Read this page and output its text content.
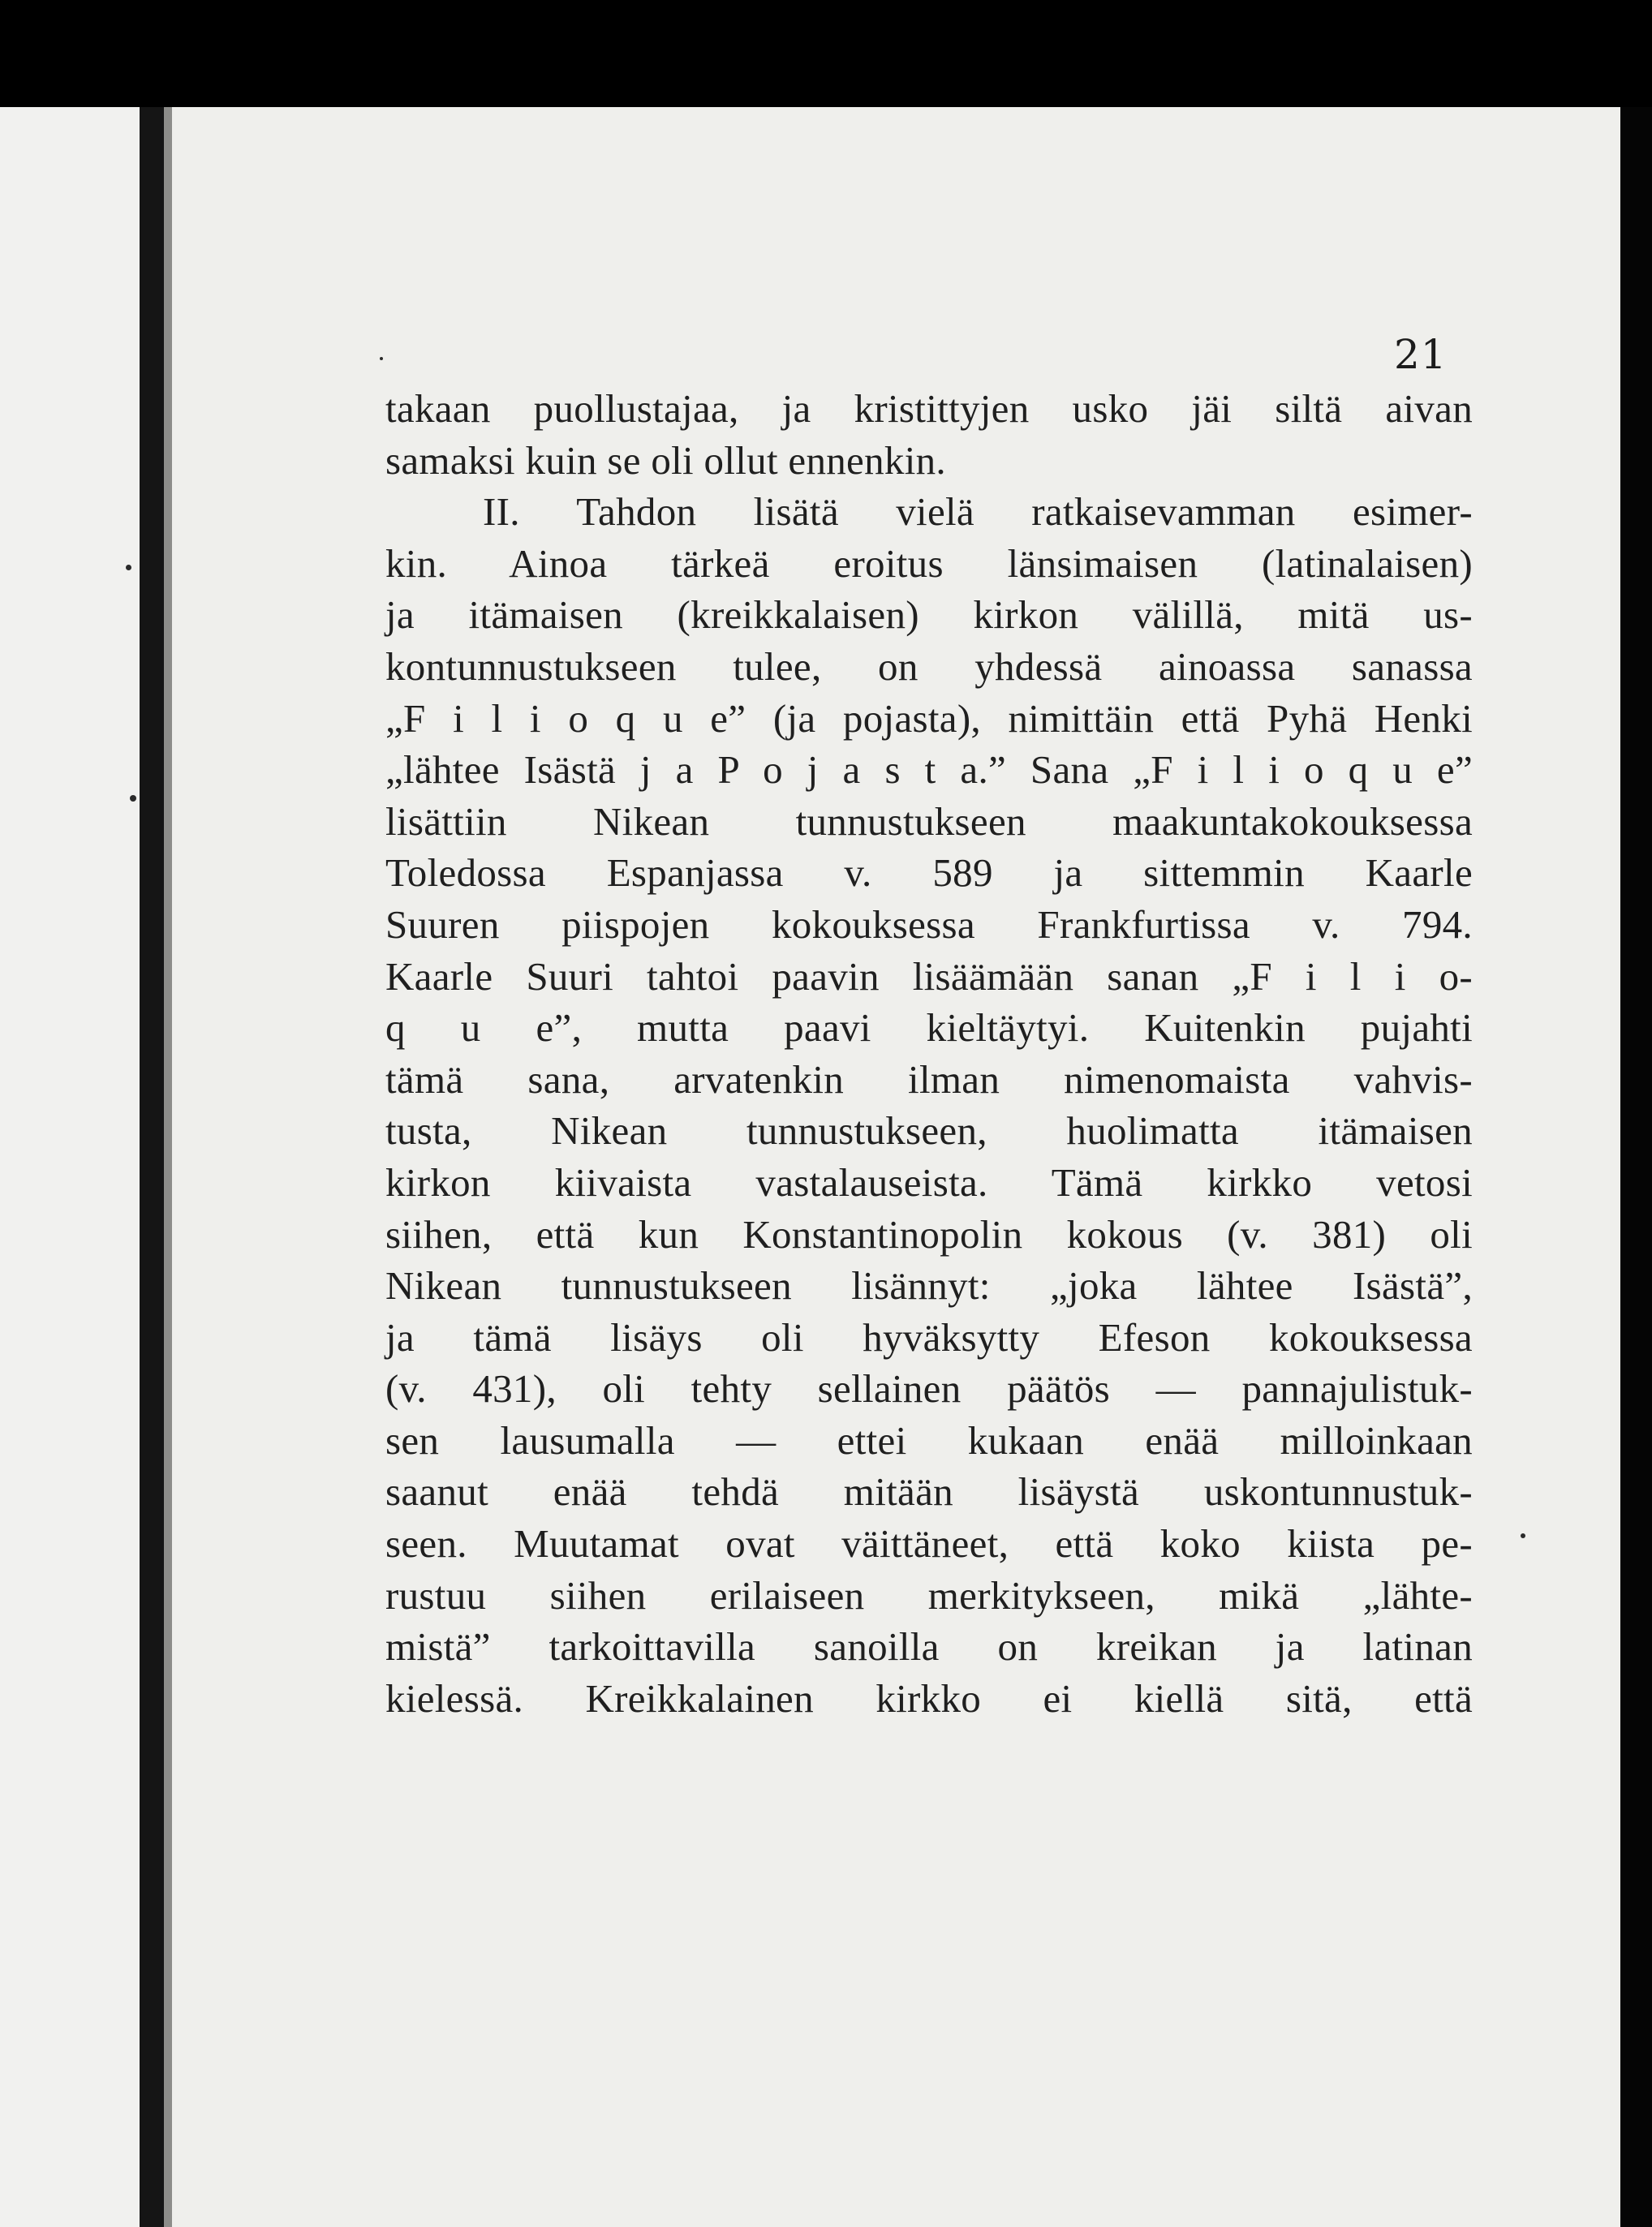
21
takaan puollustajaa, ja kristittyjen usko jäi siltä aivan
samaksi kuin se oli ollut ennenkin.
II. Tahdon lisätä vielä ratkaisevamman esimer-
kin. Ainoa tärkeä eroitus länsimaisen (latinalaisen)
ja itämaisen (kreikkalaisen) kirkon välillä, mitä us-
kontunnustukseen tulee, on yhdessä ainoassa sanassa
„F i l i o q u e” (ja pojasta), nimittäin että Pyhä Henki
„lähtee Isästä j a P o j a s t a.” Sana „F i l i o q u e”
lisättiin Nikean tunnustukseen maakuntakokouksessa
Toledossa Espanjassa v. 589 ja sittemmin Kaarle
Suuren piispojen kokouksessa Frankfurtissa v. 794.
Kaarle Suuri tahtoi paavin lisäämään sanan „F i l i o-
q u e”, mutta paavi kieltäytyi. Kuitenkin pujahti
tämä sana, arvatenkin ilman nimenomaista vahvis-
tusta, Nikean tunnustukseen, huolimatta itämaisen
kirkon kiivaista vastalauseista. Tämä kirkko vetosi
siihen, että kun Konstantinopolin kokous (v. 381) oli
Nikean tunnustukseen lisännyt: „joka lähtee Isästä”,
ja tämä lisäys oli hyväksytty Efeson kokouksessa
(v. 431), oli tehty sellainen päätös — pannajulistuk-
sen lausumalla — ettei kukaan enää milloinkaan
saanut enää tehdä mitään lisäystä uskontunnustuk-
seen. Muutamat ovat väittäneet, että koko kiista pe-
rustuu siihen erilaiseen merkitykseen, mikä „lähte-
mistä” tarkoittavilla sanoilla on kreikan ja latinan
kielessä. Kreikkalainen kirkko ei kiellä sitä, että
